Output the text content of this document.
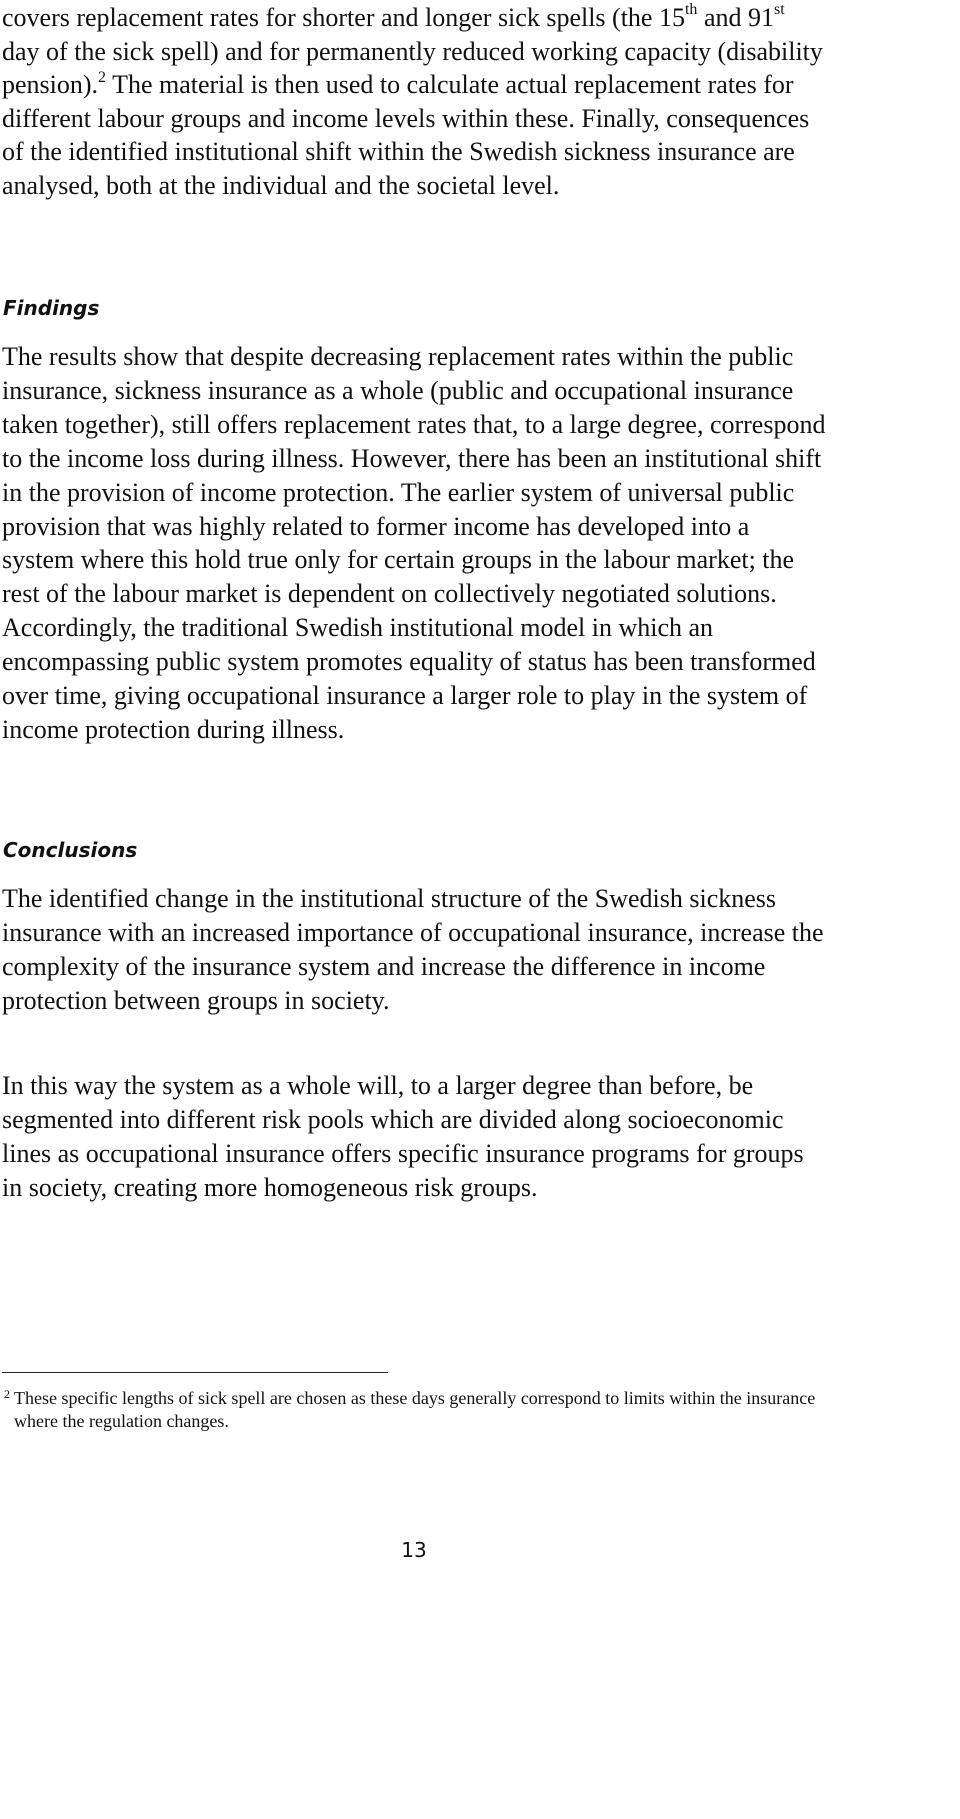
covers replacement rates for shorter and longer sick spells (the 15th and 91st day of the sick spell) and for permanently reduced working capacity (disability pension).$^2$ The material is then used to calculate actual replacement rates for different labour groups and income levels within these. Finally, consequences of the identified institutional shift within the Swedish sickness insurance are analysed, both at the individual and the societal level.

Findings

The results show that despite decreasing replacement rates within the public insurance, sickness insurance as a whole (public and occupational insurance taken together), still offers replacement rates that, to a large degree, correspond to the income loss during illness. However, there has been an institutional shift in the provision of income protection. The earlier system of universal public provision that was highly related to former income has developed into a system where this hold true only for certain groups in the labour market; the rest of the labour market is dependent on collectively negotiated solutions. Accordingly, the traditional Swedish institutional model in which an encompassing public system promotes equality of status has been transformed over time, giving occupational insurance a larger role to play in the system of income protection during illness.

Conclusions

The identified change in the institutional structure of the Swedish sickness insurance with an increased importance of occupational insurance, increase the complexity of the insurance system and increase the difference in income protection between groups in society.

In this way the system as a whole will, to a larger degree than before, be segmented into different risk pools which are divided along socioeconomic lines as occupational insurance offers specific insurance programs for groups in society, creating more homogeneous risk groups.

2 These specific lengths of sick spell are chosen as these days generally correspond to limits within the insurance where the regulation changes.

13
